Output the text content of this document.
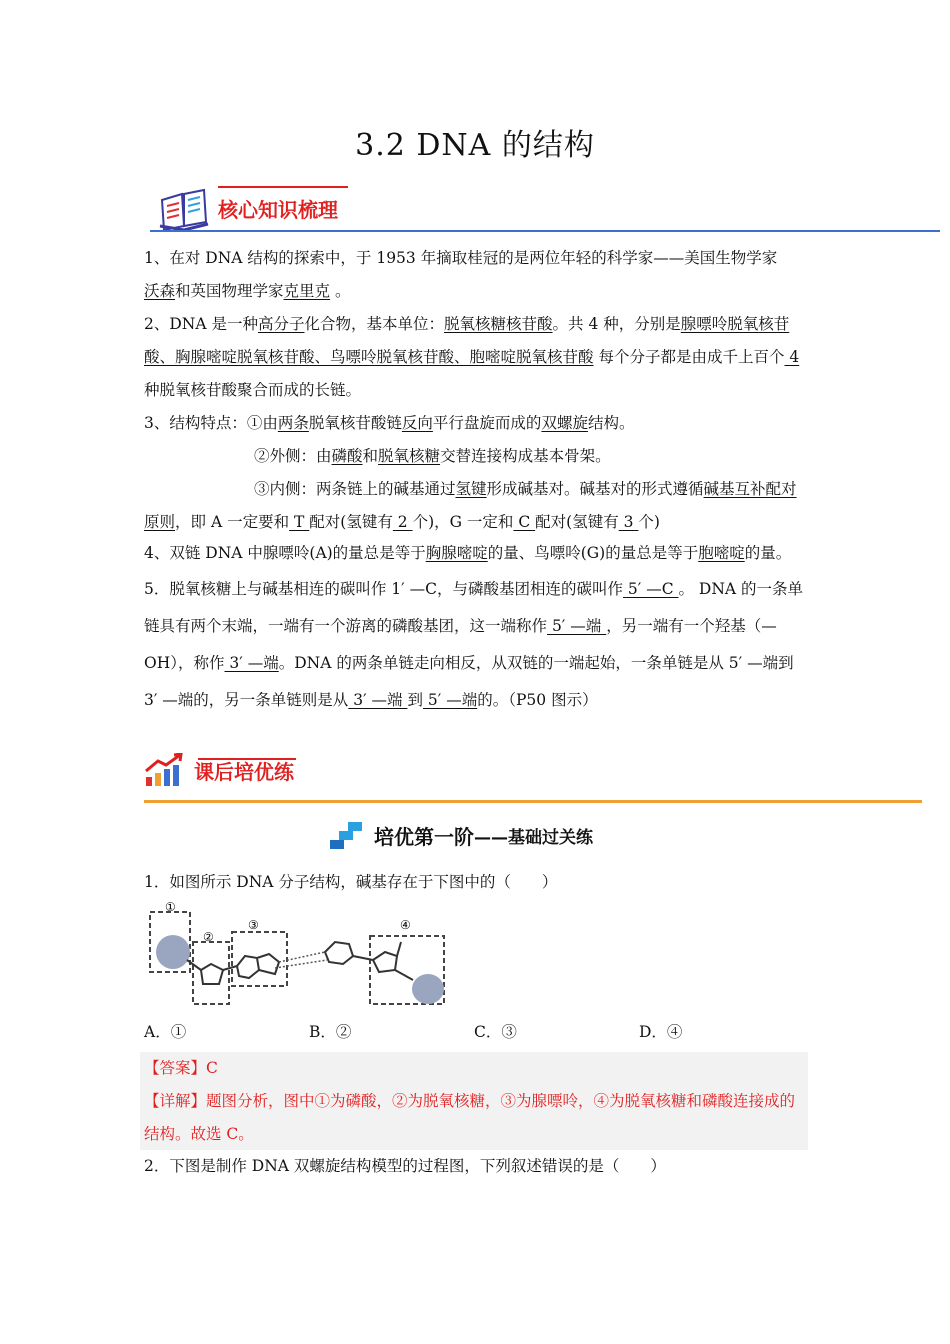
3.2 DNA 的结构
核心知识梳理
1、在对 DNA 结构的探索中，于 1953 年摘取桂冠的是两位年轻的科学家——美国生物学家
沃森和英国物理学家克里克 。
2、DNA 是一种高分子化合物，基本单位：脱氧核糖核苷酸。共 4 种，分别是腺嘌呤脱氧核苷酸、胸腺嘧啶脱氧核苷酸、鸟嘌呤脱氧核苷酸、胞嘧啶脱氧核苷酸 每个分子都是由成千上百个 4 种脱氧核苷酸聚合而成的长链。
3、结构特点：①由两条脱氧核苷酸链反向平行盘旋而成的双螺旋结构。

②外侧：由磷酸和脱氧核糖交替连接构成基本骨架。
③内侧：两条链上的碱基通过氢键形成碱基对。碱基对的形式遵循碱基互补配对原则，即 A 一定要和 T 配对(氢键有 2 个)，G 一定和 C 配对(氢键有 3 个)
4、双链 DNA 中腺嘌呤(A)的量总是等于胸腺嘧啶的量、鸟嘌呤(G)的量总是等于胞嘧啶的量。
5．脱氧核糖上与碱基相连的碳叫作 1′ —C，与磷酸基团相连的碳叫作 5′ —C 。 DNA 的一条单链具有两个末端，一端有一个游离的磷酸基团，这一端称作 5′ —端 ，另一端有一个羟基（—OH），称作 3′ —端。DNA 的两条单链走向相反，从双链的一端起始，一条单链是从 5′ —端到 3′ —端的，另一条单链则是从 3′ —端 到 5′ —端的。（P50 图示）
课后培优练
培优第一阶 ——基础过关练
1．如图所示 DNA 分子结构，碱基存在于下图中的（　　）
①
②
③	④
A．①	B．②	C．③	D．④
【答案】C
【详解】题图分析，图中①为磷酸，②为脱氧核糖，③为腺嘌呤，④为脱氧核糖和磷酸连接成的结构。故选 C。
2．下图是制作 DNA 双螺旋结构模型的过程图，下列叙述错误的是（　　）
